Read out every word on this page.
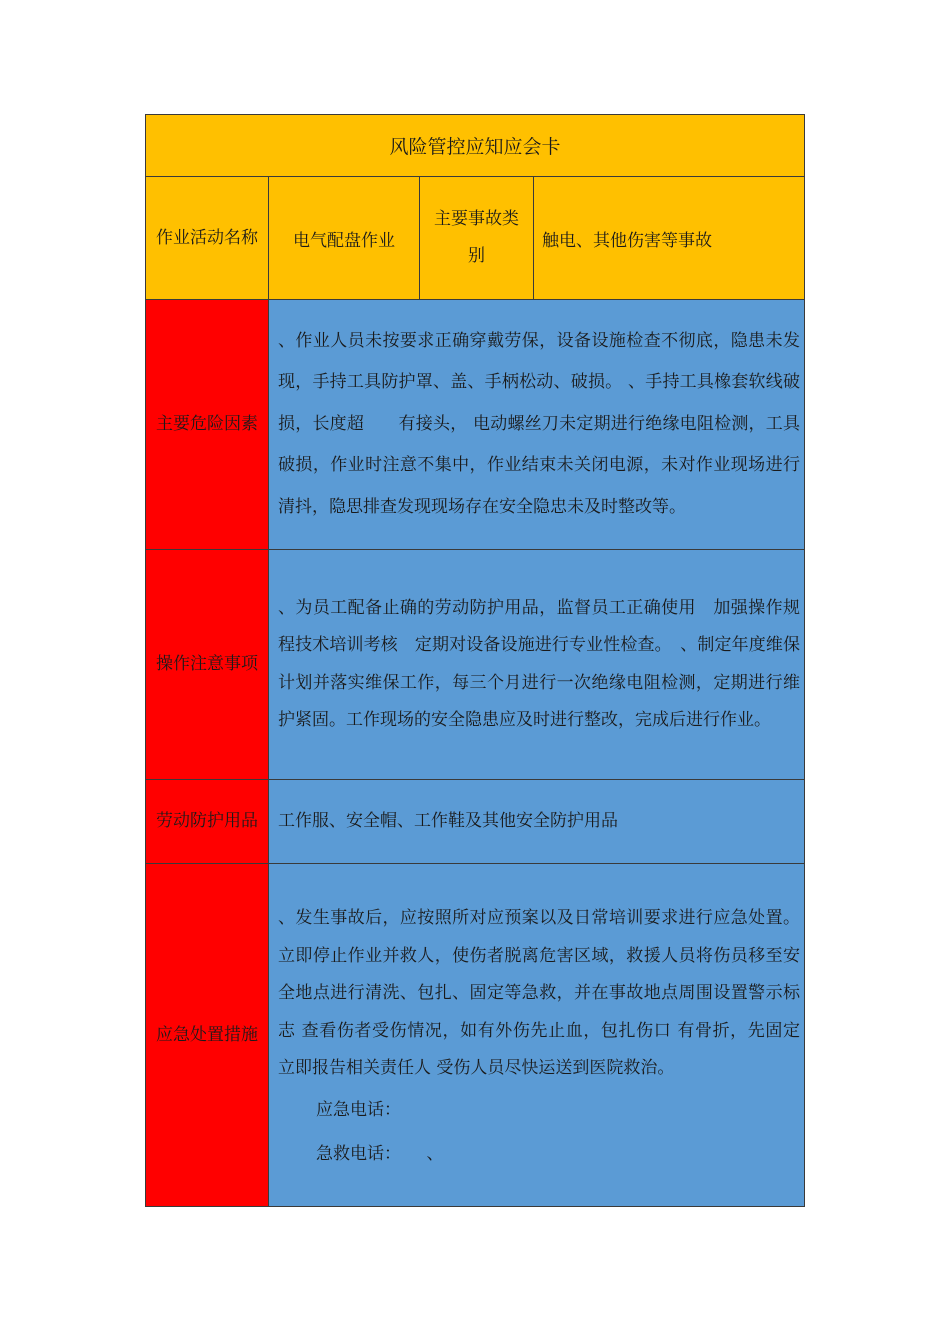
风险管控应知应会卡			

作业活动名称	电气配盘作业	主要事故类别	触电、其他伤害等事故

主要危险因素	、作业人员未按要求正确穿戴劳保，设备设施检查不彻底，隐患未发现，手持工具防护罩、盖、手柄松动、破损。 、手持工具橡套软线破损，长度超　　有接头， 电动螺丝刀未定期进行绝缘电阻检测，工具破损，作业时注意不集中，作业结束未关闭电源，未对作业现场进行清抖，隐思排查发现现场存在安全隐忠未及时整改等。		

操作注意事项	、为员工配备止确的劳动防护用品，监督员工正确使用　加强操作规程技术培训考核　定期对设备设施进行专业性检查。　、制定年度维保计划并落实维保工作，每三个月进行一次绝缘电阻检测，定期进行维护紧固。工作现场的安全隐患应及时进行整改，完成后进行作业。		

劳动防护用品	工作服、安全帽、工作鞋及其他安全防护用品		

应急处置措施	、发生事故后，应按照所对应预案以及日常培训要求进行应急处置。立即停止作业并救人，使伤者脱离危害区域，救援人员将伤员移至安全地点进行清洗、包扎、固定等急救，并在事故地点周围设置警示标志 查看伤者受伤情况，如有外伤先止血，包扎伤口 有骨折，先固定 立即报告相关责任人 受伤人员尽快运送到医院救治。
应急电话：
急救电话：　　、		
